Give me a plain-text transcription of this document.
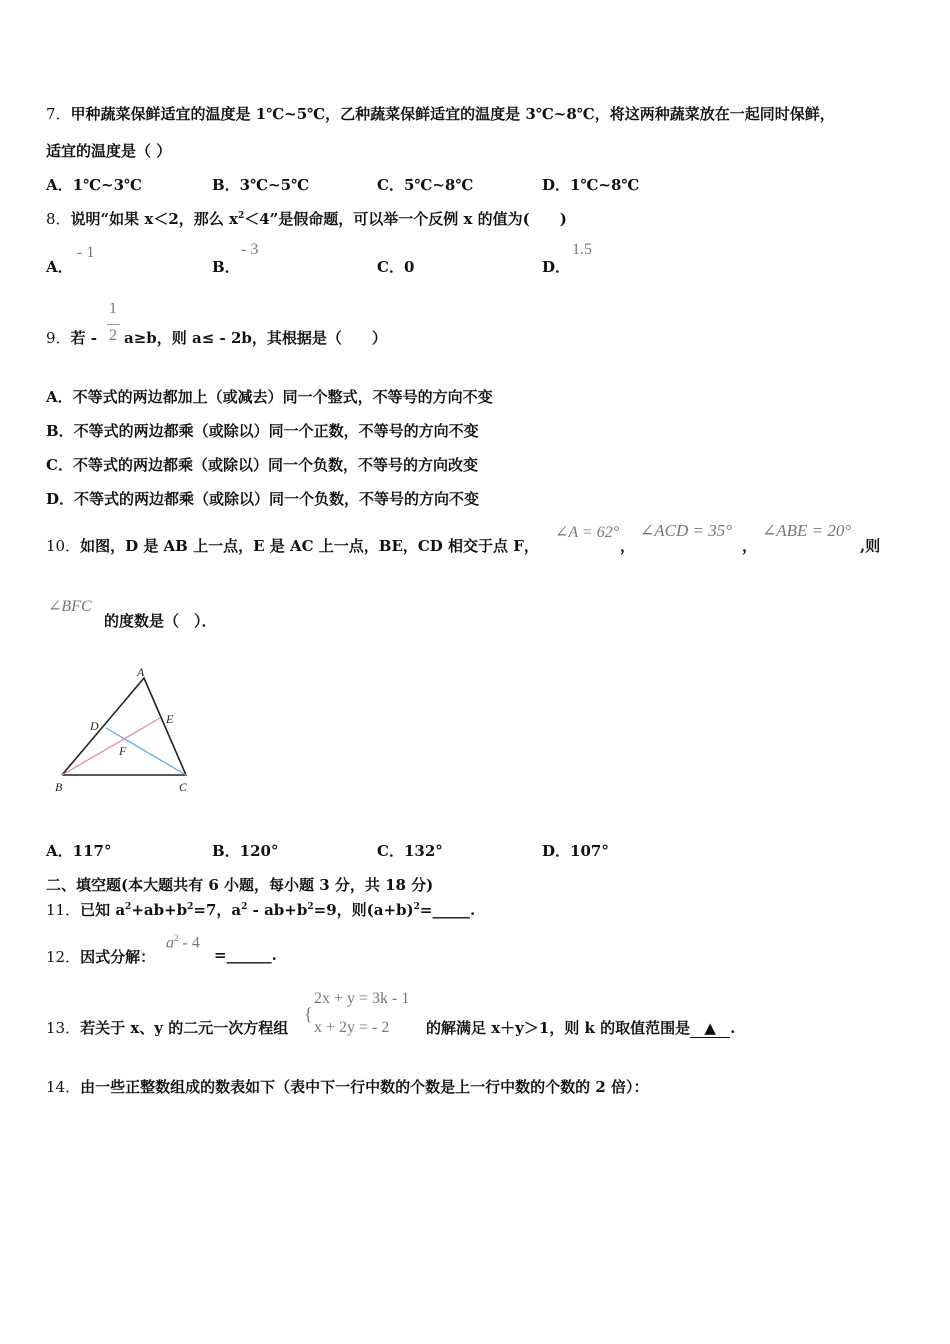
7．甲种蔬菜保鲜适宜的温度是 1℃~5℃，乙种蔬菜保鲜适宜的温度是 3℃~8℃，将这两种蔬菜放在一起同时保鲜，
适宜的温度是（ ）
A．1℃~3℃	B．3℃~5℃	C．5℃~8℃	D．1℃~8℃
8．说明“如果 x＜2，那么 $x^2<4$”是假命题，可以举一个反例 x 的值为(　　)
A．
- 1
B．
- 3
C．0	D．
1.5
9．若 -
1
2 a≥b，则 a≤ - 2b，其根据是（　　）
A．不等式的两边都加上（或减去）同一个整式，不等号的方向不变
B．不等式的两边都乘（或除以）同一个正数，不等号的方向不变
C．不等式的两边都乘（或除以）同一个负数，不等号的方向改变
D．不等式的两边都乘（或除以）同一个负数，不等号的方向不变
10．如图，D 是 AB 上一点，E 是 AC 上一点，BE，CD 相交于点 F，
∠A = 62°
，
∠ACD = 35°
，
∠ABE = 20°
,则
∠BFC
的度数是（　）．
A
B	C
D	E
F
A．117°	B．120°	C．132°	D．107°
二、填空题(本大题共有 6 小题，每小题 3 分，共 18 分)
11．已知 $a^2+ab+b^2=7$，$a^2 - ab+b^2=9$，则$(a+b)^2=\_\_\_\_\_$.
12．因式分解：
$a^2 - 4$
=______.
13．若关于 x、y 的二元一次方程组
{
2x + y = 3k - 1
x + 2y = - 2 的解满足 x＋y＞1，则 k 的取值范围是 ▲ .
14．由一些正整数组成的数表如下（表中下一行中数的个数是上一行中数的个数的 2 倍）：
